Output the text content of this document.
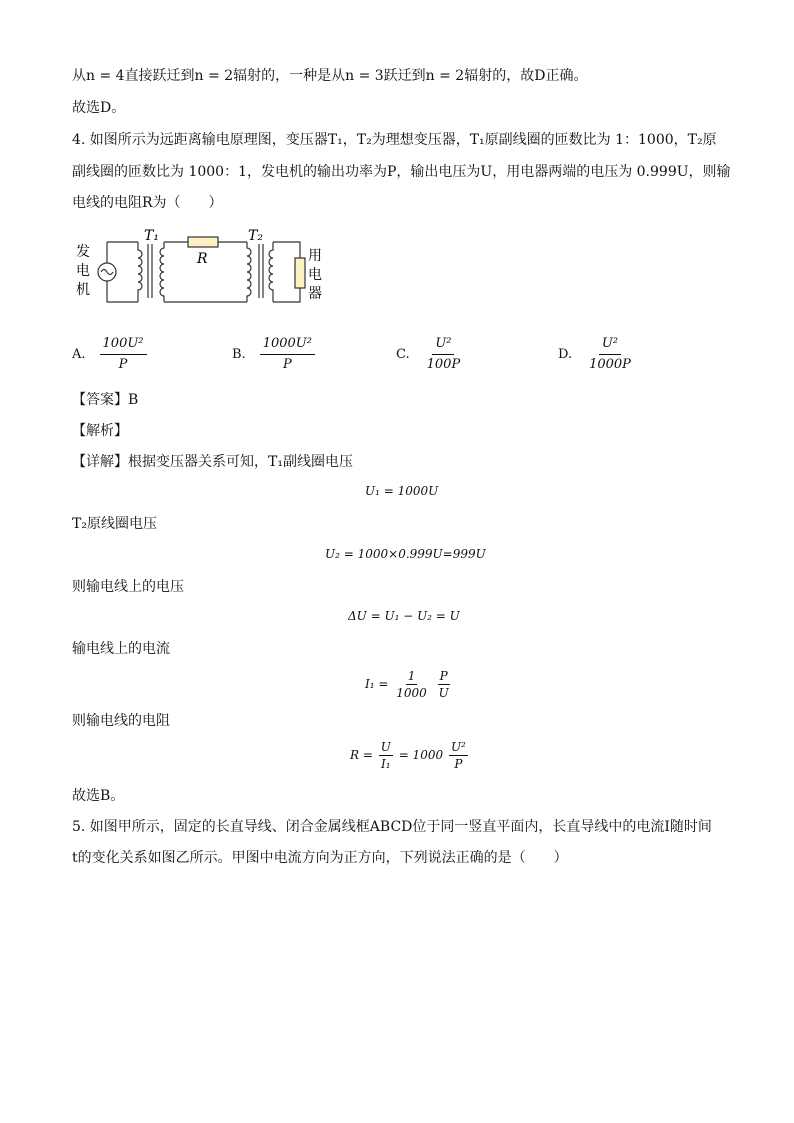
从n = 4直接跃迁到n = 2辐射的，一种是从n = 3跃迁到n = 2辐射的，故D正确。
故选D。
4. 如图所示为远距离输电原理图，变压器T₁，T₂为理想变压器，T₁原副线圈的匝数比为 1：1000，T₂原
副线圈的匝数比为 1000：1，发电机的输出功率为P，输出电压为U，用电器两端的电压为 0.999U，则输
电线的电阻R为（　　）
发
电
机
T₁
R
T₂
用
电
器
A. $\frac{\text{100U²}}{P}$	B. $\frac{\text{1000U²}}{P}$	C. $\frac{\text{U²}}{100P}$	D. $\frac{\text{U²}}{1000P}$
【答案】B
【解析】
【详解】根据变压器关系可知，T₁副线圈电压
U₁ = 1000U
T₂原线圈电压
U₂ = 1000×0.999U=999U
则输电线上的电压
ΔU = U₁ − U₂ = U
输电线上的电流
$I_1 = \frac{1}{1000}$
$\frac{P}{U}$
则输电线的电阻
$R = \frac{U}{\text{I₁}} = 1000 \frac{\text{U²}}{P}$
故选B。
5. 如图甲所示，固定的长直导线、闭合金属线框ABCD位于同一竖直平面内，长直导线中的电流I随时间
t的变化关系如图乙所示。甲图中电流方向为正方向，下列说法正确的是（　　）
